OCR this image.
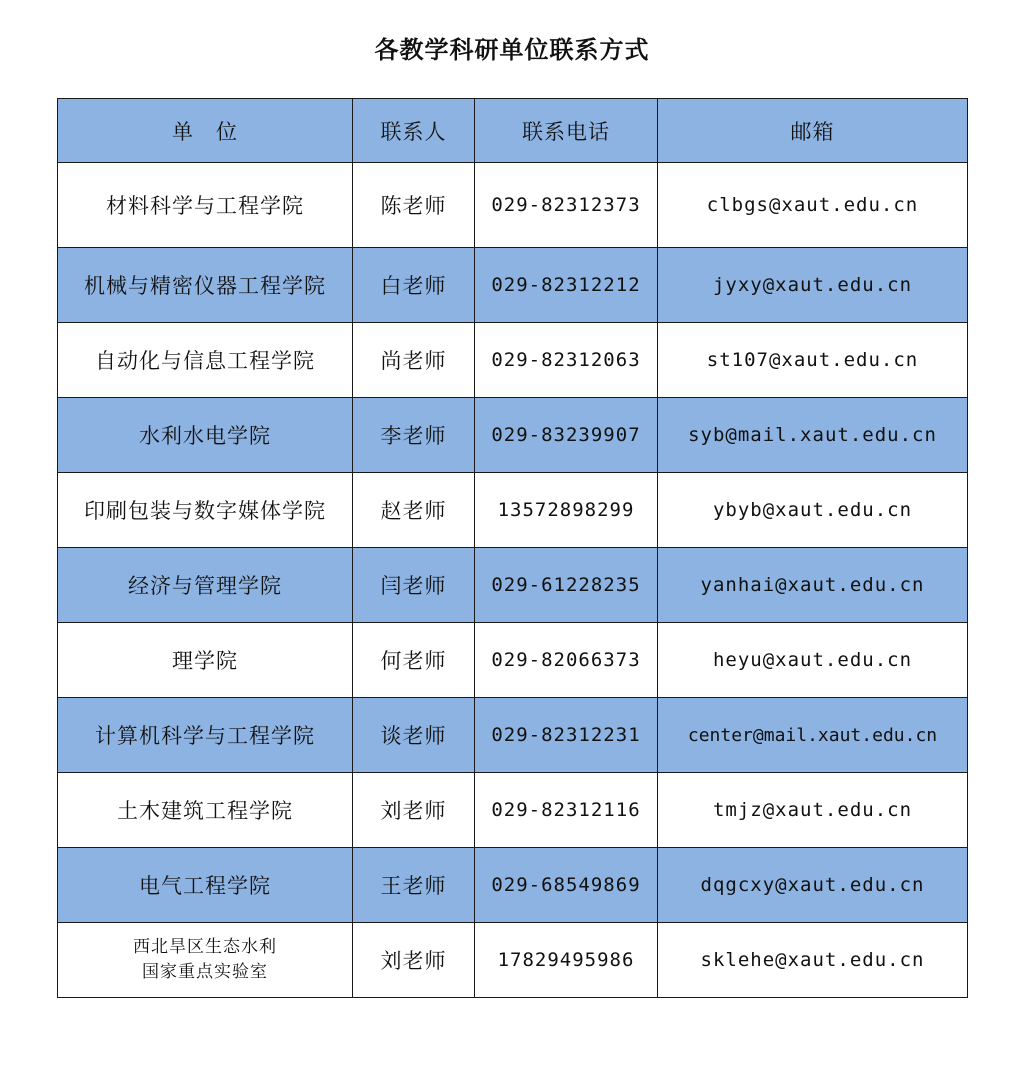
各教学科研单位联系方式
单　位	联系人	联系电话	邮箱
材料科学与工程学院	陈老师	029-82312373	clbgs@xaut.edu.cn
机械与精密仪器工程学院	白老师	029-82312212	jyxy@xaut.edu.cn
自动化与信息工程学院	尚老师	029-82312063	st107@xaut.edu.cn
水利水电学院	李老师	029-83239907	syb@mail.xaut.edu.cn
印刷包装与数字媒体学院	赵老师	13572898299	ybyb@xaut.edu.cn
经济与管理学院	闫老师	029-61228235	yanhai@xaut.edu.cn
理学院	何老师	029-82066373	heyu@xaut.edu.cn
计算机科学与工程学院	谈老师	029-82312231	center@mail.xaut.edu.cn
土木建筑工程学院	刘老师	029-82312116	tmjz@xaut.edu.cn
电气工程学院	王老师	029-68549869	dqgcxy@xaut.edu.cn

西北旱区生态水利
国家重点实验室	刘老师	17829495986	sklehe@xaut.edu.cn
